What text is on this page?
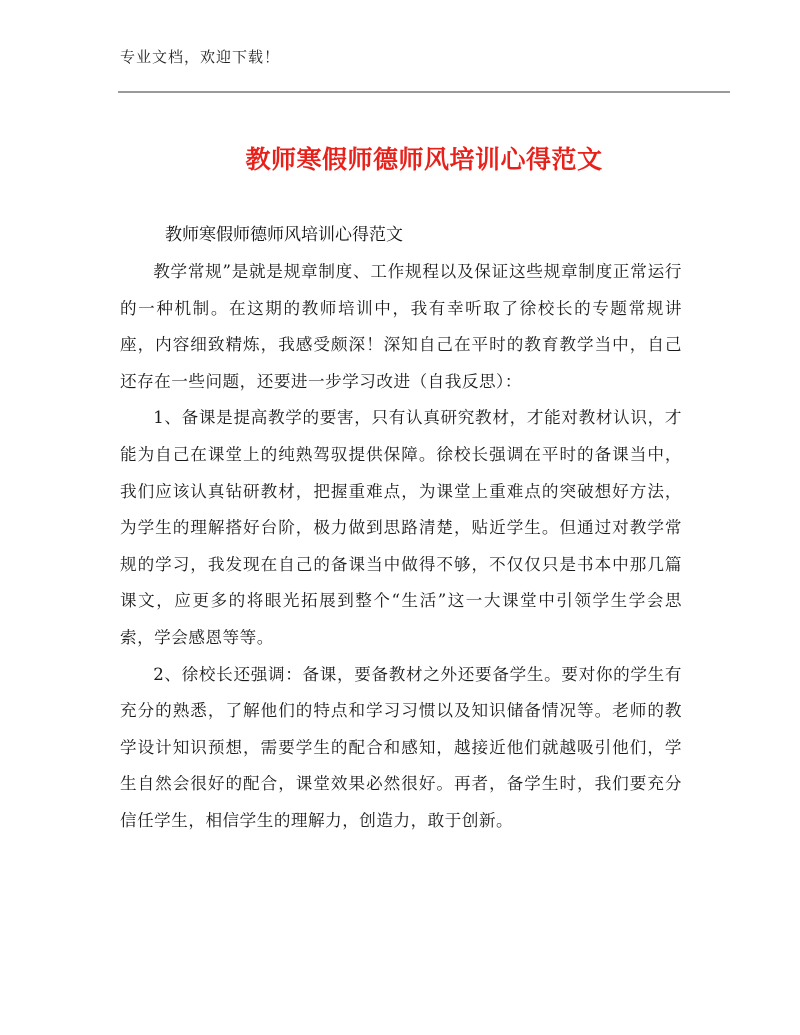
专业文档，欢迎下载！
教师寒假师德师风培训心得范文
教师寒假师德师风培训心得范文

教学常规”是就是规章制度、工作规程以及保证这些规章制度正常运行的一种机制。在这期的教师培训中，我有幸听取了徐校长的专题常规讲座，内容细致精炼，我感受颇深！深知自己在平时的教育教学当中，自己还存在一些问题，还要进一步学习改进（自我反思）：

1、备课是提高教学的要害，只有认真研究教材，才能对教材认识，才能为自己在课堂上的纯熟驾驭提供保障。徐校长强调在平时的备课当中，我们应该认真钻研教材，把握重难点，为课堂上重难点的突破想好方法，为学生的理解搭好台阶，极力做到思路清楚，贴近学生。但通过对教学常规的学习，我发现在自己的备课当中做得不够，不仅仅只是书本中那几篇课文，应更多的将眼光拓展到整个“生活”这一大课堂中引领学生学会思索，学会感恩等等。

2、徐校长还强调：备课，要备教材之外还要备学生。要对你的学生有充分的熟悉，了解他们的特点和学习习惯以及知识储备情况等。老师的教学设计知识预想，需要学生的配合和感知，越接近他们就越吸引他们，学生自然会很好的配合，课堂效果必然很好。再者，备学生时，我们要充分信任学生，相信学生的理解力，创造力，敢于创新。
